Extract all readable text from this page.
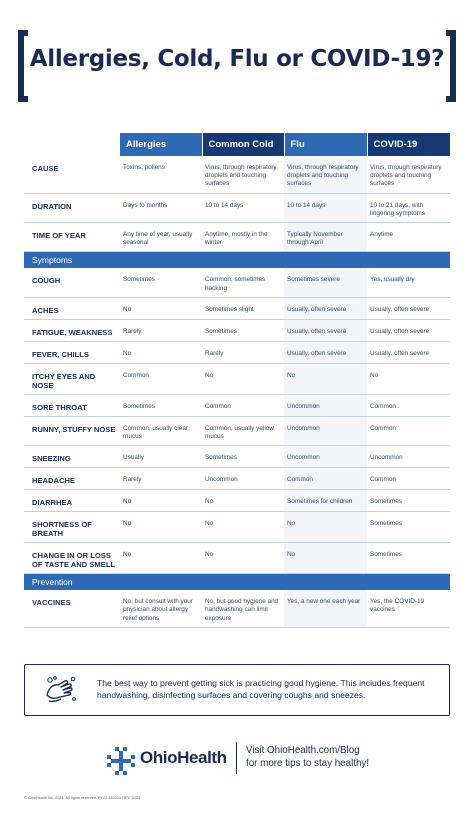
Allergies, Cold, Flu or COVID-19?
	Allergies	Common Cold	Flu	COVID-19
CAUSE	Toxins, pollens	Virus, through respiratory droplets and touching surfaces	Virus, through respiratory droplets and touching surfaces	Virus, through respiratory droplets and touching surfaces
DURATION	Days to months	10 to 14 days	10 to 14 days	10 to 21 days, with lingering symptoms
TIME OF YEAR	Any time of year, usually seasonal	Anytime, mostly in the winter	Typically November through April	Anytime
Symptoms				
COUGH	Sometimes	Common, sometimes hacking	Sometimes severe	Yes, usually dry
ACHES	No	Sometimes slight	Usually, often severe	Usually, often severe
FATIGUE, WEAKNESS	Rarely	Sometimes	Usually, often severe	Usually, often severe
FEVER, CHILLS	No	Rarely	Usually, often severe	Usually, often severe
ITCHY EYES AND NOSE	Common	No	No	No
SORE THROAT	Sometimes	Common	Uncommon	Common
RUNNY, STUFFY NOSE	Common, usually clear mucus	Common, usually yellow mucus	Uncommon	Common
SNEEZING	Usually	Sometimes	Uncommon	Uncommon
HEADACHE	Rarely	Uncommon	Common	Common
DIARRHEA	No	No	Sometimes for children	Sometimes
SHORTNESS OF BREATH	No	No	No	Sometimes
CHANGE IN OR LOSS OF TASTE AND SMELL	No	No	No	Sometimes
Prevention				
VACCINES	No, but consult with your physician about allergy relief options	No, but good hygiene and handwashing can limit exposure	Yes, a new one each year	Yes, the COVID-19 vaccines
The best way to prevent getting sick is practicing good hygiene. This includes frequent handwashing, disinfecting surfaces and covering coughs and sneezes.
OhioHealth Visit OhioHealth.com/Blog
for more tips to stay healthy!
© OhioHealth Inc. 2021. All rights reserved. PY22-662315 REV 11/21
